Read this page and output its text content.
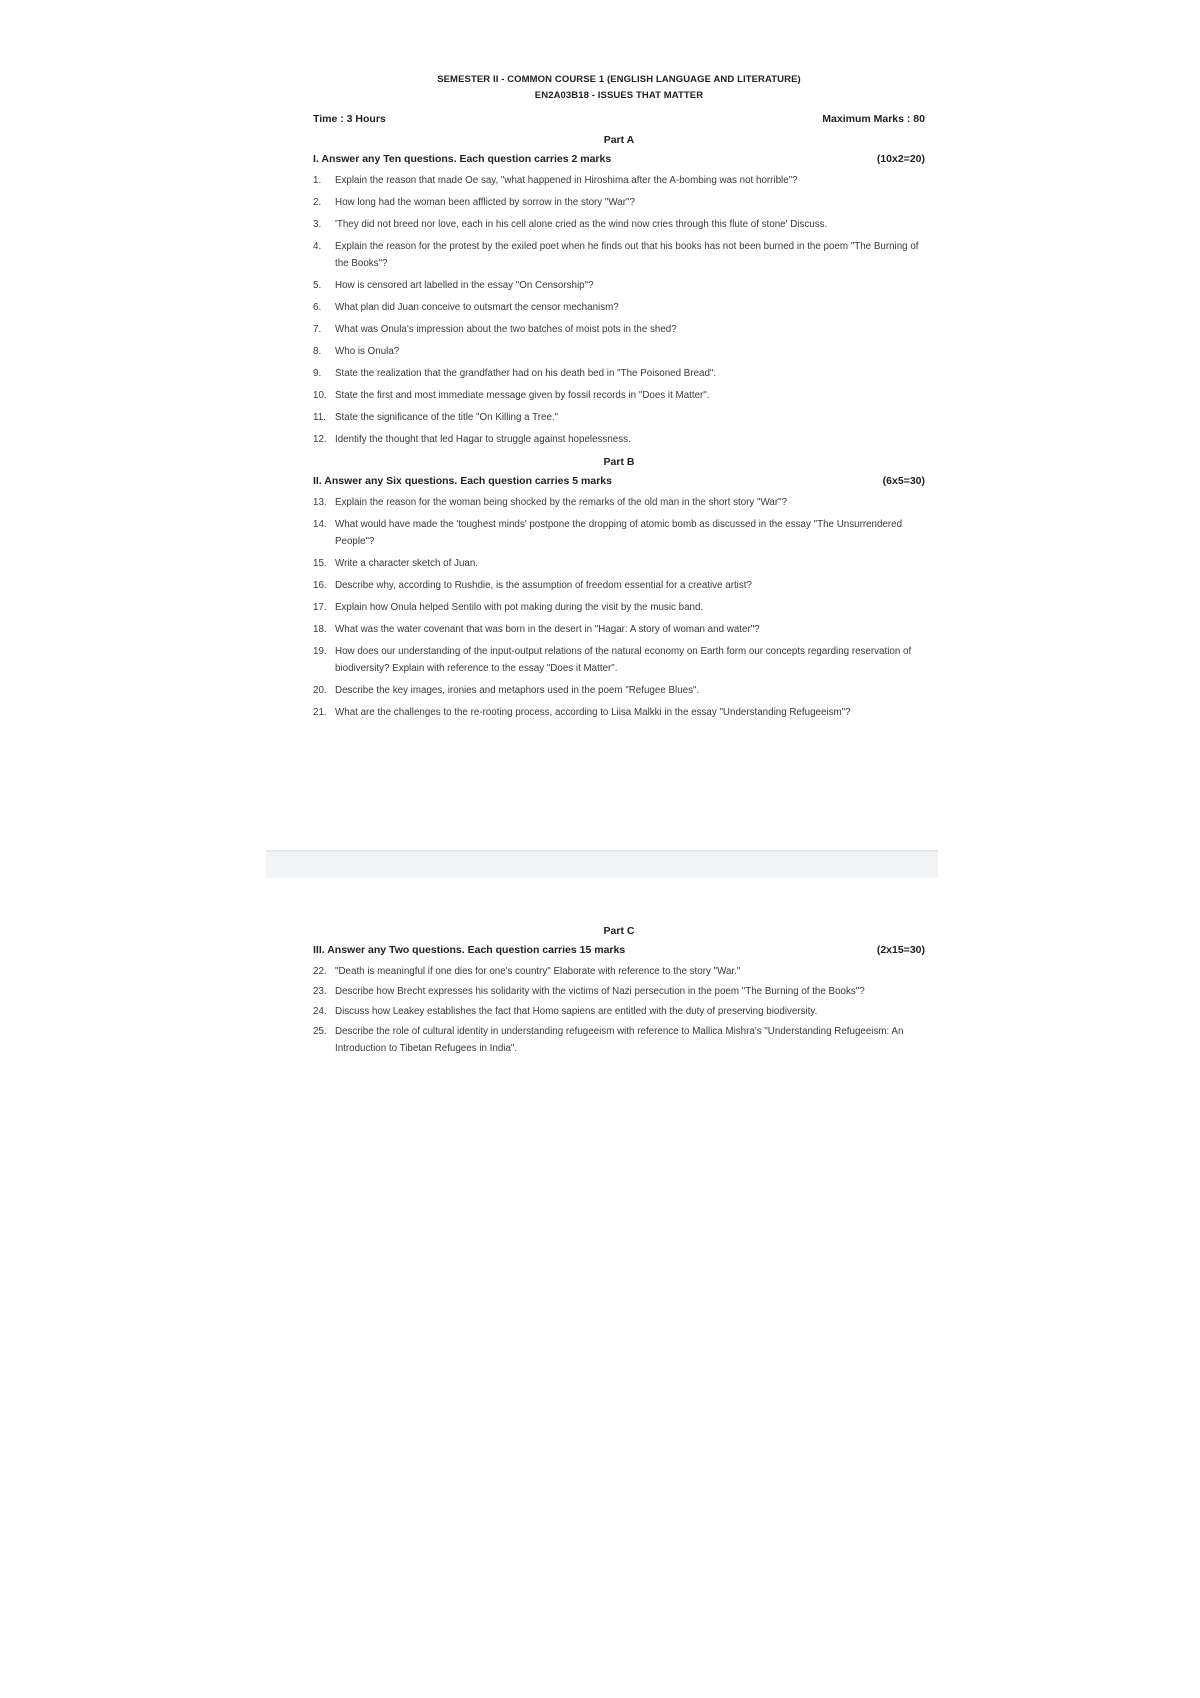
SEMESTER II - COMMON COURSE 1 (ENGLISH LANGUAGE AND LITERATURE)
EN2A03B18 - ISSUES THAT MATTER
Time : 3 Hours	Maximum Marks : 80
Part A
I. Answer any Ten questions. Each question carries 2 marks	(10x2=20)
1.	Explain the reason that made Oe say, "what happened in Hiroshima after the A-bombing was not horrible"?
2.	How long had the woman been afflicted by sorrow in the story "War"?
3.	'They did not breed nor love, each in his cell alone cried as the wind now cries through this flute of stone' Discuss.
4.	Explain the reason for the protest by the exiled poet when he finds out that his books has not been burned in the poem "The Burning of the Books"?
5.	How is censored art labelled in the essay "On Censorship"?
6.	What plan did Juan conceive to outsmart the censor mechanism?
7.	What was Onula's impression about the two batches of moist pots in the shed?
8.	Who is Onula?
9.	State the realization that the grandfather had on his death bed in "The Poisoned Bread".
10. State the first and most immediate message given by fossil records in "Does it Matter".
11. State the significance of the title "On Killing a Tree."
12. Identify the thought that led Hagar to struggle against hopelessness.
Part B
II. Answer any Six questions. Each question carries 5 marks	(6x5=30)
13. Explain the reason for the woman being shocked by the remarks of the old man in the short story "War"?
14. What would have made the 'toughest minds' postpone the dropping of atomic bomb as discussed in the essay "The Unsurrendered People"?
15. Write a character sketch of Juan.
16. Describe why, according to Rushdie, is the assumption of freedom essential for a creative artist?
17. Explain how Onula helped Sentilo with pot making during the visit by the music band.
18. What was the water covenant that was born in the desert in "Hagar: A story of woman and water"?
19. How does our understanding of the input-output relations of the natural economy on Earth form our concepts regarding reservation of biodiversity? Explain with reference to the essay "Does it Matter".
20. Describe the key images, ironies and metaphors used in the poem "Refugee Blues".
21. What are the challenges to the re-rooting process, according to Liisa Malkki in the essay "Understanding Refugeeism"?
Part C
III. Answer any Two questions. Each question carries 15 marks	(2x15=30)
22. "Death is meaningful if one dies for one's country" Elaborate with reference to the story "War."
23. Describe how Brecht expresses his solidarity with the victims of Nazi persecution in the poem "The Burning of the Books"?
24. Discuss how Leakey establishes the fact that Homo sapiens are entitled with the duty of preserving biodiversity.
25. Describe the role of cultural identity in understanding refugeeism with reference to Mallica Mishra's "Understanding Refugeeism: An Introduction to Tibetan Refugees in India".
